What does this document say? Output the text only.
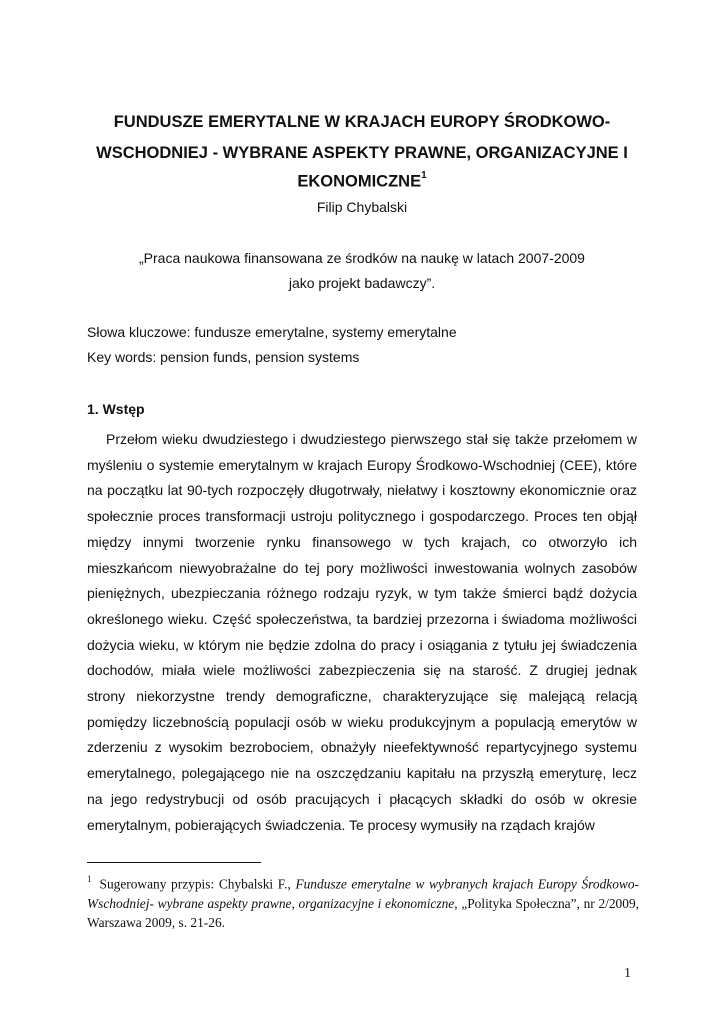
FUNDUSZE EMERYTALNE W KRAJACH EUROPY ŚRODKOWO-
WSCHODNIEJ - WYBRANE ASPEKTY PRAWNE, ORGANIZACYJNE I
EKONOMICZNE$^1$

Filip Chybalski

„Praca naukowa finansowana ze środków na naukę w latach 2007-2009

jako projekt badawczy”.

Słowa kluczowe: fundusze emerytalne, systemy emerytalne

Key words: pension funds, pension systems

1. Wstęp

Przełom wieku dwudziestego i dwudziestego pierwszego stał się także przełomem w myśleniu o systemie emerytalnym w krajach Europy Środkowo-Wschodniej (CEE), które na początku lat 90-tych rozpoczęły długotrwały, niełatwy i kosztowny ekonomicznie oraz społecznie proces transformacji ustroju politycznego i gospodarczego. Proces ten objął między innymi tworzenie rynku finansowego w tych krajach, co otworzyło ich mieszkańcom niewyobrażalne do tej pory możliwości inwestowania wolnych zasobów pieniężnych, ubezpieczania różnego rodzaju ryzyk, w tym także śmierci bądź dożycia określonego wieku. Część społeczeństwa, ta bardziej przezorna i świadoma możliwości dożycia wieku, w którym nie będzie zdolna do pracy i osiągania z tytułu jej świadczenia dochodów, miała wiele możliwości zabezpieczenia się na starość. Z drugiej jednak strony niekorzystne trendy demograficzne, charakteryzujące się malejącą relacją pomiędzy liczebnością populacji osób w wieku produkcyjnym a populacją emerytów w zderzeniu z wysokim bezrobociem, obnażyły nieefektywność repartycyjnego systemu emerytalnego, polegającego nie na oszczędzaniu kapitału na przyszłą emeryturę, lecz na jego redystrybucji od osób pracujących i płacących składki do osób w okresie emerytalnym, pobierających świadczenia. Te procesy wymusiły na rządach krajów

$^1$ Sugerowany przypis: Chybalski F., Fundusze emerytalne w wybranych krajach Europy Środkowo-Wschodniej- wybrane aspekty prawne, organizacyjne i ekonomiczne, „Polityka Społeczna”, nr 2/2009, Warszawa 2009, s. 21-26.

1
